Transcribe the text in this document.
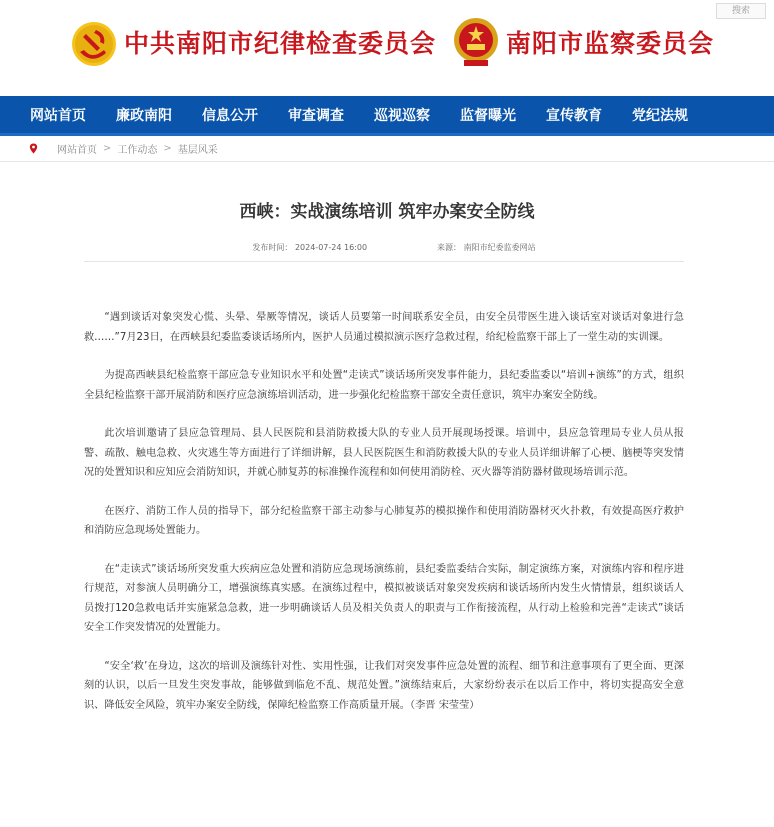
搜索
中共南阳市纪律检查委员会	南阳市监察委员会
网站首页 廉政南阳 信息公开 审查调查 巡视巡察 监督曝光 宣传教育 党纪法规
网站首页 > 工作动态 > 基层风采
西峡：实战演练培训 筑牢办案安全防线
发布时间： 2024-07-24 16:00	来源： 南阳市纪委监委网站

“遇到谈话对象突发心慌、头晕、晕厥等情况，谈话人员要第一时间联系安全员，由安全员带医生进入谈话室对谈话对象进行急救……”7月23日，在西峡县纪委监委谈话场所内，医护人员通过模拟演示医疗急救过程，给纪检监察干部上了一堂生动的实训课。

为提高西峡县纪检监察干部应急专业知识水平和处置“走读式”谈话场所突发事件能力，县纪委监委以“培训+演练”的方式，组织全县纪检监察干部开展消防和医疗应急演练培训活动，进一步强化纪检监察干部安全责任意识，筑牢办案安全防线。

此次培训邀请了县应急管理局、县人民医院和县消防救援大队的专业人员开展现场授课。培训中，县应急管理局专业人员从报警、疏散、触电急救、火灾逃生等方面进行了详细讲解，县人民医院医生和消防救援大队的专业人员详细讲解了心梗、脑梗等突发情况的处置知识和应知应会消防知识，并就心肺复苏的标准操作流程和如何使用消防栓、灭火器等消防器材做现场培训示范。

在医疗、消防工作人员的指导下，部分纪检监察干部主动参与心肺复苏的模拟操作和使用消防器材灭火扑救，有效提高医疗救护和消防应急现场处置能力。

在“走读式”谈话场所突发重大疾病应急处置和消防应急现场演练前，县纪委监委结合实际，制定演练方案，对演练内容和程序进行规范，对参演人员明确分工，增强演练真实感。在演练过程中，模拟被谈话对象突发疾病和谈话场所内发生火情情景，组织谈话人员拨打120急救电话并实施紧急急救，进一步明确谈话人员及相关负责人的职责与工作衔接流程，从行动上检验和完善“走读式”谈话安全工作突发情况的处置能力。

“安全‘救’在身边，这次的培训及演练针对性、实用性强，让我们对突发事件应急处置的流程、细节和注意事项有了更全面、更深刻的认识，以后一旦发生突发事故，能够做到临危不乱、规范处置。”演练结束后，大家纷纷表示在以后工作中，将切实提高安全意识、降低安全风险，筑牢办案安全防线，保障纪检监察工作高质量开展。（李晋 宋莹莹）
